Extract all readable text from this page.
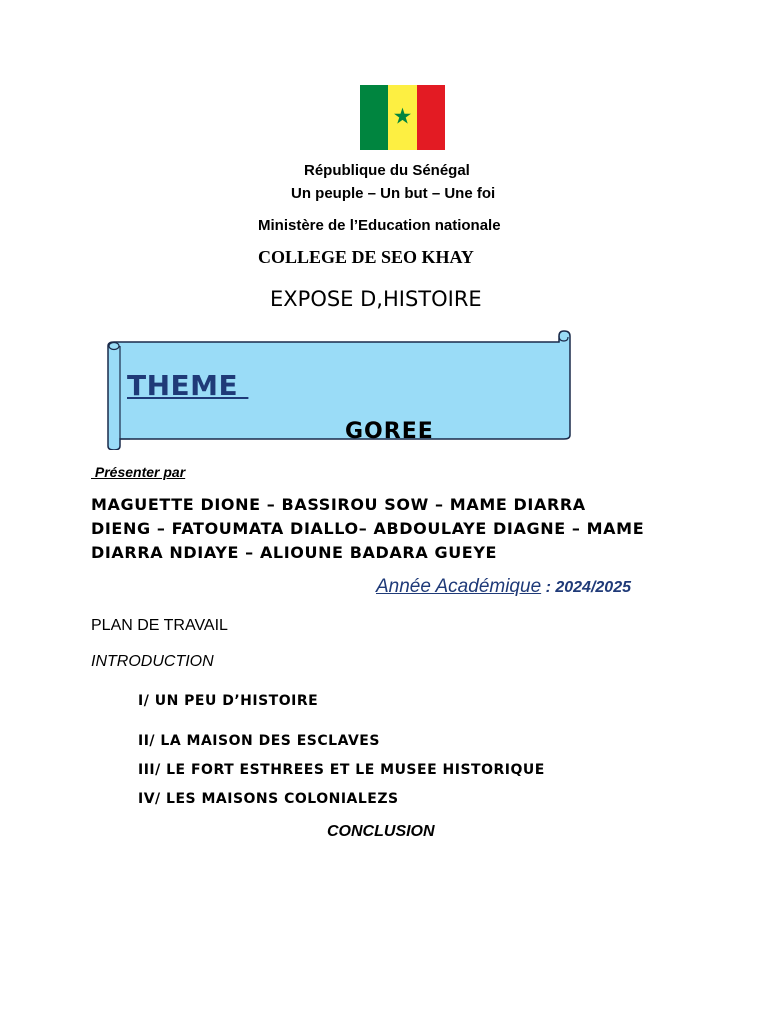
★
République du Sénégal
Un peuple – Un but – Une foi
Ministère de l’Education nationale
COLLEGE DE SEO KHAY
EXPOSE D,HISTOIRE
THEME
GOREE
Présenter par
MAGUETTE DIONE – BASSIROU SOW – MAME DIARRA DIENG – FATOUMATA DIALLO– ABDOULAYE DIAGNE – MAME DIARRA NDIAYE – ALIOUNE BADARA GUEYE
Année Académique : 2024/2025
PLAN DE TRAVAIL
INTRODUCTION
I/ UN PEU D’HISTOIRE
II/ LA MAISON DES ESCLAVES
III/ LE FORT ESTHREES ET LE MUSEE HISTORIQUE
IV/ LES MAISONS COLONIALEZS
CONCLUSION
